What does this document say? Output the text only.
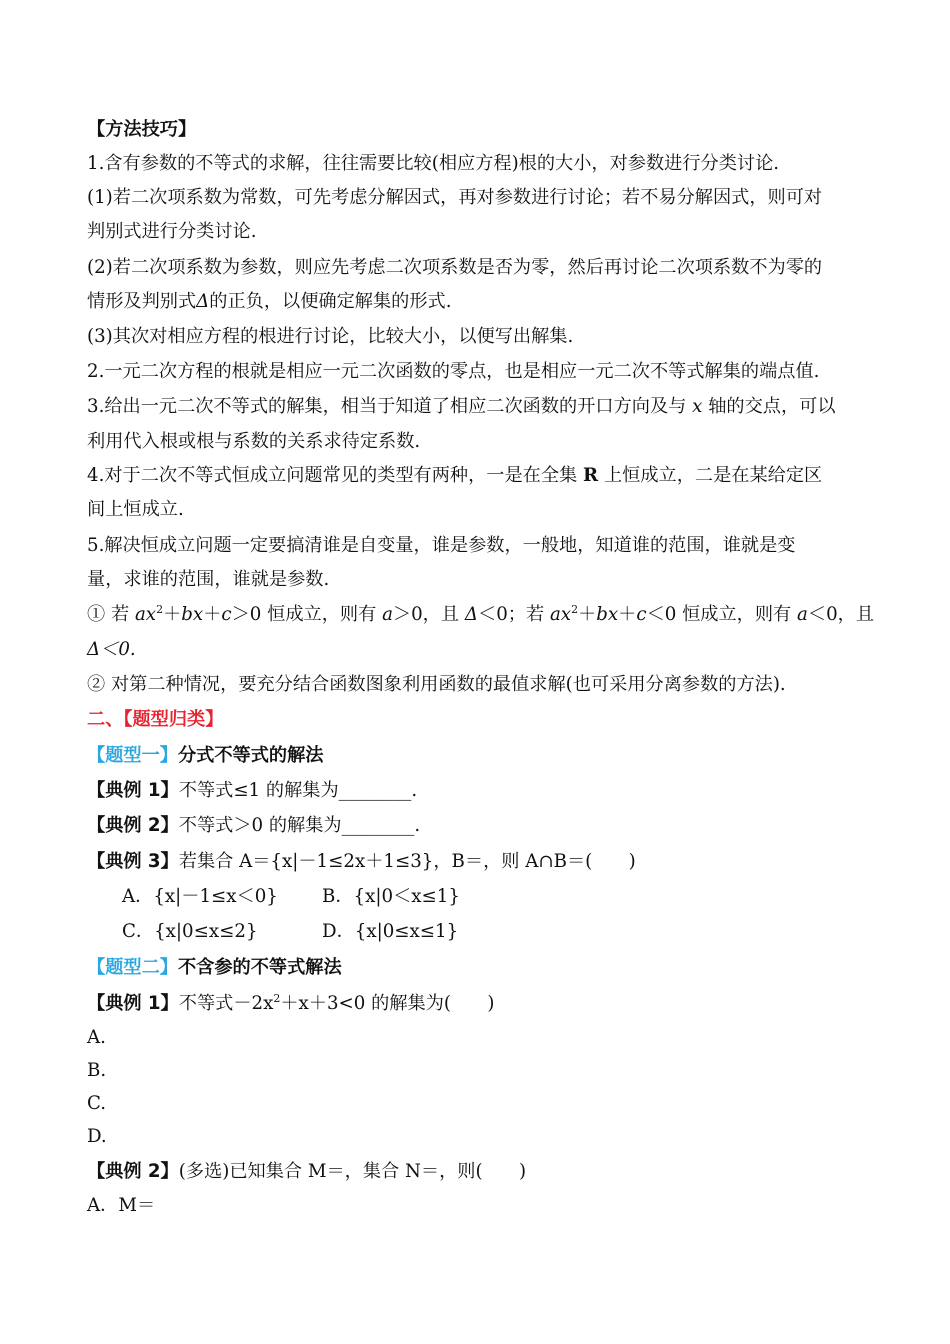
【方法技巧】
1.含有参数的不等式的求解，往往需要比较(相应方程)根的大小，对参数进行分类讨论.
(1)若二次项系数为常数，可先考虑分解因式，再对参数进行讨论；若不易分解因式，则可对
判别式进行分类讨论.
(2)若二次项系数为参数，则应先考虑二次项系数是否为零，然后再讨论二次项系数不为零的
情形及判别式Δ的正负，以便确定解集的形式.
(3)其次对相应方程的根进行讨论，比较大小，以便写出解集.
2.一元二次方程的根就是相应一元二次函数的零点，也是相应一元二次不等式解集的端点值.
3.给出一元二次不等式的解集，相当于知道了相应二次函数的开口方向及与 x 轴的交点，可以
利用代入根或根与系数的关系求待定系数.
4.对于二次不等式恒成立问题常见的类型有两种，一是在全集 R 上恒成立，二是在某给定区
间上恒成立.
5.解决恒成立问题一定要搞清谁是自变量，谁是参数，一般地，知道谁的范围，谁就是变
量，求谁的范围，谁就是参数.
① 若 $ax^2+bx+c>0$ 恒成立，则有 a＞0，且 Δ＜0；若 $ax^2+bx+c<0$ 恒成立，则有 a＜0，且
Δ＜0.
② 对第二种情况，要充分结合函数图象利用函数的最值求解(也可采用分离参数的方法).
二、【题型归类】
【题型一】分式不等式的解法
【典例 1】不等式≤1 的解集为________.
【典例 2】不等式＞0 的解集为________.
【典例 3】若集合 A＝{x|－1≤2x＋1≤3}，B＝，则 A∩B＝(　　)
A．{x|－1≤x＜0} B．{x|0＜x≤1}
C．{x|0≤x≤2}	D．{x|0≤x≤1}
【题型二】不含参的不等式解法
【典例 1】不等式$-2x^2+x+3<0$ 的解集为(　　)
A.
B.
C.
D.
【典例 2】(多选)已知集合 M＝，集合 N＝，则(　　)
A．M＝
